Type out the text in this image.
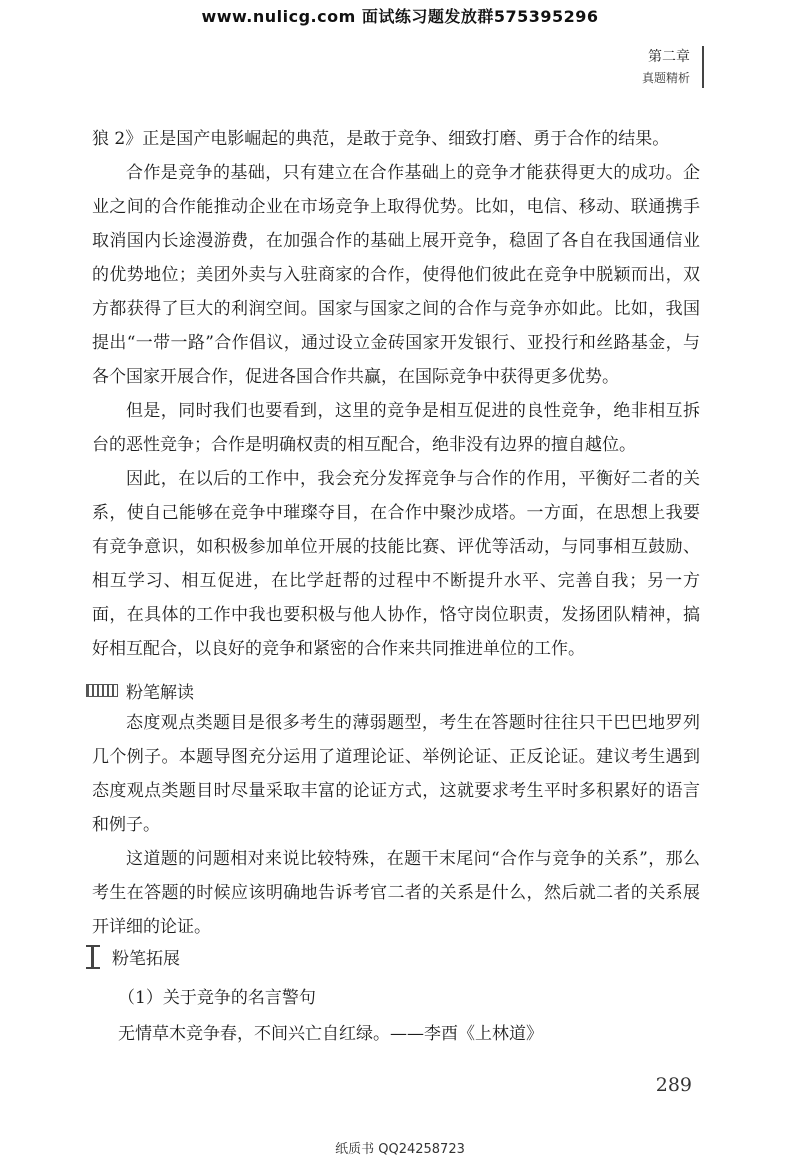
www.nulicg.com 面试练习题发放群575395296
第二章
真题精析

狼 2》正是国产电影崛起的典范，是敢于竞争、细致打磨、勇于合作的结果。

合作是竞争的基础，只有建立在合作基础上的竞争才能获得更大的成功。企业之间的合作能推动企业在市场竞争上取得优势。比如，电信、移动、联通携手取消国内长途漫游费，在加强合作的基础上展开竞争，稳固了各自在我国通信业的优势地位；美团外卖与入驻商家的合作，使得他们彼此在竞争中脱颖而出，双方都获得了巨大的利润空间。国家与国家之间的合作与竞争亦如此。比如，我国提出“一带一路”合作倡议，通过设立金砖国家开发银行、亚投行和丝路基金，与各个国家开展合作，促进各国合作共赢，在国际竞争中获得更多优势。

但是，同时我们也要看到，这里的竞争是相互促进的良性竞争，绝非相互拆台的恶性竞争；合作是明确权责的相互配合，绝非没有边界的擅自越位。

因此，在以后的工作中，我会充分发挥竞争与合作的作用，平衡好二者的关系，使自己能够在竞争中璀璨夺目，在合作中聚沙成塔。一方面，在思想上我要有竞争意识，如积极参加单位开展的技能比赛、评优等活动，与同事相互鼓励、相互学习、相互促进，在比学赶帮的过程中不断提升水平、完善自我；另一方面，在具体的工作中我也要积极与他人协作，恪守岗位职责，发扬团队精神，搞好相互配合，以良好的竞争和紧密的合作来共同推进单位的工作。

粉笔解读

态度观点类题目是很多考生的薄弱题型，考生在答题时往往只干巴巴地罗列几个例子。本题导图充分运用了道理论证、举例论证、正反论证。建议考生遇到态度观点类题目时尽量采取丰富的论证方式，这就要求考生平时多积累好的语言和例子。

这道题的问题相对来说比较特殊，在题干末尾问“合作与竞争的关系”，那么考生在答题的时候应该明确地告诉考官二者的关系是什么，然后就二者的关系展开详细的论证。

粉笔拓展

（1）关于竞争的名言警句

无情草木竞争春，不间兴亡自红绿。——李酉《上林道》

289
纸质书 QQ24258723
